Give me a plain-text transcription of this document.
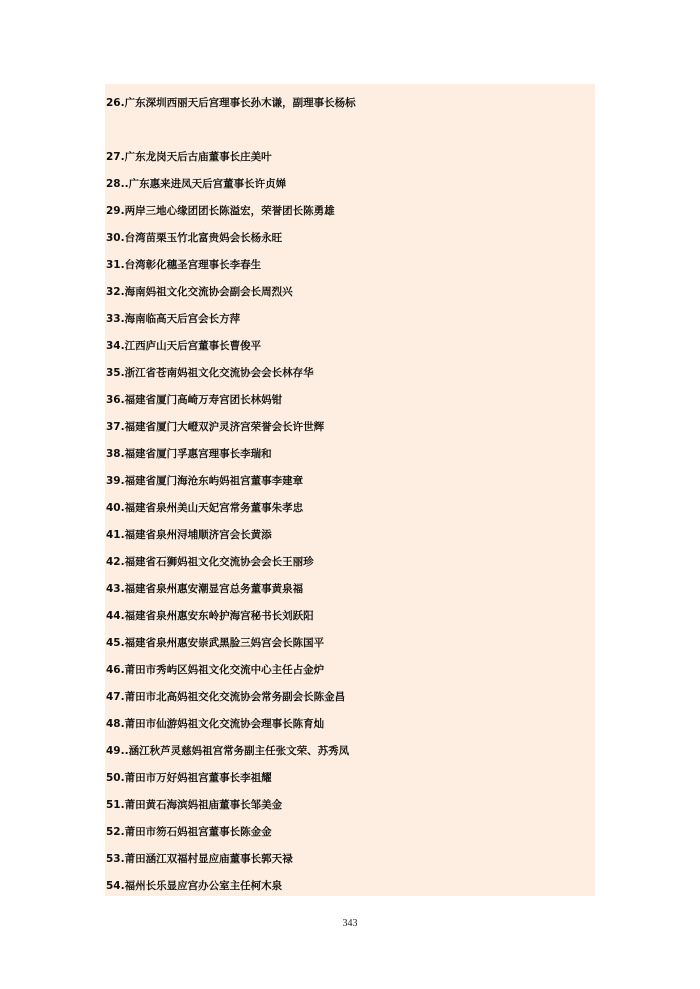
26.广东深圳西丽天后宫理事长孙木谦，副理事长杨标
27.广东龙岗天后古庙董事长庄美叶
28..广东惠来进凤天后宫董事长许贞婵
29.两岸三地心缘团团长陈溢宏，荣誉团长陈勇雄
30.台湾苗栗玉竹北富贵妈会长杨永旺
31.台湾彰化穗圣宫理事长李春生
32.海南妈祖文化交流协会副会长周烈兴
33.海南临高天后宫会长方萍
34.江西庐山天后宫董事长曹俊平
35.浙江省苍南妈祖文化交流协会会长林存华
36.福建省厦门高崎万寿宫团长林妈钳
37.福建省厦门大嶝双沪灵济宫荣誉会长许世辉
38.福建省厦门孚惠宫理事长李瑞和
39.福建省厦门海沧东屿妈祖宫董事李建章
40.福建省泉州美山天妃宫常务董事朱孝忠
41.福建省泉州浔埔顺济宫会长黄添
42.福建省石狮妈祖文化交流协会会长王丽珍
43.福建省泉州惠安潮显宫总务董事黄泉福
44.福建省泉州惠安东岭护海宫秘书长刘跃阳
45.福建省泉州惠安崇武黑脸三妈宫会长陈国平
46.莆田市秀屿区妈祖文化交流中心主任占金炉
47.莆田市北高妈祖交化交流协会常务副会长陈金昌
48.莆田市仙游妈祖文化交流协会理事长陈育灿
49..涵江秋芦灵慈妈祖宫常务副主任张文荣、苏秀凤
50.莆田市万好妈祖宫董事长李祖耀
51.莆田黄石海滨妈祖庙董事长邹美金
52.莆田市笏石妈祖宫董事长陈金金
53.莆田涵江双福村显应庙董事长郭天禄
54.福州长乐显应宫办公室主任柯木泉
343
